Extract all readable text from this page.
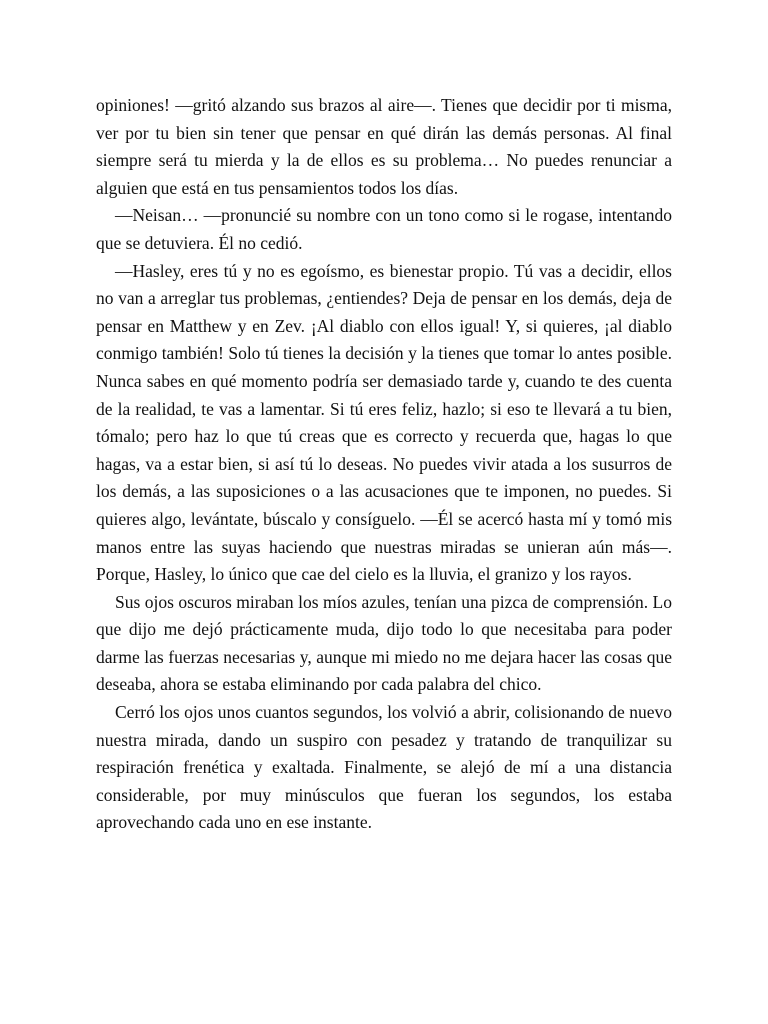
opiniones! —gritó alzando sus brazos al aire—. Tienes que decidir por ti misma, ver por tu bien sin tener que pensar en qué dirán las demás personas. Al final siempre será tu mierda y la de ellos es su problema… No puedes renunciar a alguien que está en tus pensamientos todos los días.

—Neisan… —pronuncié su nombre con un tono como si le rogase, intentando que se detuviera. Él no cedió.

—Hasley, eres tú y no es egoísmo, es bienestar propio. Tú vas a decidir, ellos no van a arreglar tus problemas, ¿entiendes? Deja de pensar en los demás, deja de pensar en Matthew y en Zev. ¡Al diablo con ellos igual! Y, si quieres, ¡al diablo conmigo también! Solo tú tienes la decisión y la tienes que tomar lo antes posible. Nunca sabes en qué momento podría ser demasiado tarde y, cuando te des cuenta de la realidad, te vas a lamentar. Si tú eres feliz, hazlo; si eso te llevará a tu bien, tómalo; pero haz lo que tú creas que es correcto y recuerda que, hagas lo que hagas, va a estar bien, si así tú lo deseas. No puedes vivir atada a los susurros de los demás, a las suposiciones o a las acusaciones que te imponen, no puedes. Si quieres algo, levántate, búscalo y consíguelo. —Él se acercó hasta mí y tomó mis manos entre las suyas haciendo que nuestras miradas se unieran aún más—. Porque, Hasley, lo único que cae del cielo es la lluvia, el granizo y los rayos.

Sus ojos oscuros miraban los míos azules, tenían una pizca de comprensión. Lo que dijo me dejó prácticamente muda, dijo todo lo que necesitaba para poder darme las fuerzas necesarias y, aunque mi miedo no me dejara hacer las cosas que deseaba, ahora se estaba eliminando por cada palabra del chico.

Cerró los ojos unos cuantos segundos, los volvió a abrir, colisionando de nuevo nuestra mirada, dando un suspiro con pesadez y tratando de tranquilizar su respiración frenética y exaltada. Finalmente, se alejó de mí a una distancia considerable, por muy minúsculos que fueran los segundos, los estaba aprovechando cada uno en ese instante.
